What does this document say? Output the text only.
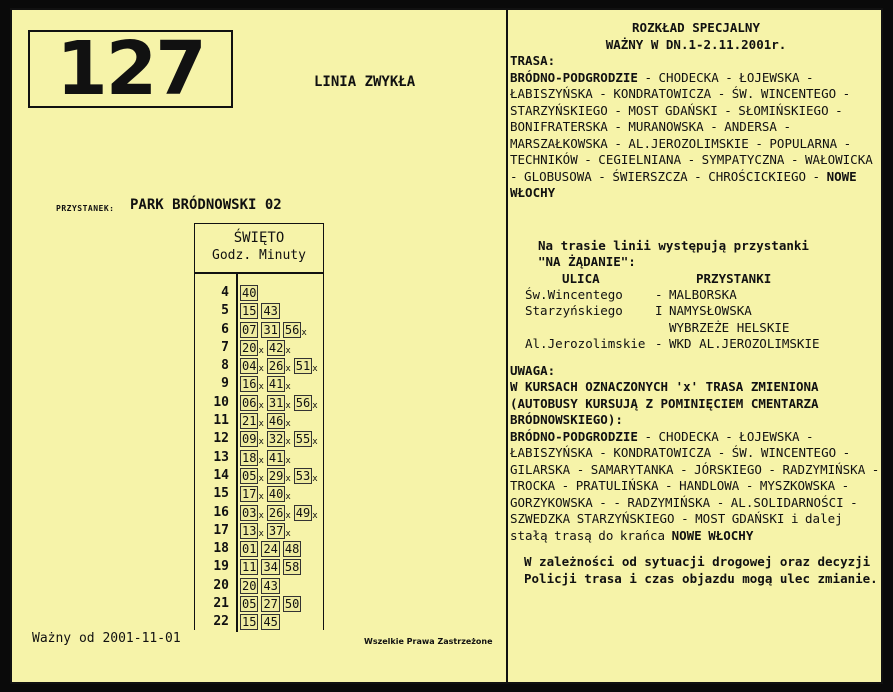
127	LINIA ZWYKŁA
PRZYSTANEK: PARK BRÓDNOWSKI 02
ŚWIĘTO
Godz. Minuty
4 40
5 15 43
6 07 31 56 x
7 20 x 42 x
8 04 x 26 x 51 x
9 16 x 41 x
10 06 x 31 x 56 x
11 21 x 46 x
12 09 x 32 x 55 x
13 18 x 41 x
14 05 x 29 x 53 x
15 17 x 40 x
16 03 x 26 x 49 x
17 13 x 37 x
18 01 24 48
19 11 34 58
20 20 43
21 05 27 50
22 15 45
Ważny od 2001-11-01	Wszelkie Prawa Zastrzeżone
ROZKŁAD SPECJALNY
WAŻNY W DN.1-2.11.2001r.
TRASA:
BRÓDNO-PODGRODZIE - CHODECKA - ŁOJEWSKA - ŁABISZYŃSKA - KONDRATOWICZA - ŚW. WINCENTEGO - STARZYŃSKIEGO - MOST GDAŃSKI - SŁOMIŃSKIEGO - BONIFRATERSKA - MURANOWSKA - ANDERSA - MARSZAŁKOWSKA - AL.JEROZOLIMSKIE - POPULARNA - TECHNIKÓW - CEGIELNIANA - SYMPATYCZNA - WAŁOWICKA - GLOBUSOWA - ŚWIERSZCZA - CHROŚCICKIEGO - NOWE WŁOCHY
Na trasie linii występują przystanki
"NA ŻĄDANIE":
ULICA	PRZYSTANKI
Św.Wincentego	- MALBORSKA
Starzyńskiego	I NAMYSŁOWSKA
WYBRZEŻE HELSKIE
Al.Jerozolimskie - WKD AL.JEROZOLIMSKIE
UWAGA:
W KURSACH OZNACZONYCH 'x' TRASA ZMIENIONA (AUTOBUSY KURSUJĄ Z POMINIĘCIEM CMENTARZA BRÓDNOWSKIEGO):
BRÓDNO-PODGRODZIE - CHODECKA - ŁOJEWSKA - ŁABISZYŃSKA - KONDRATOWICZA - ŚW. WINCENTEGO - GILARSKA - SAMARYTANKA - JÓRSKIEGO - RADZYMIŃSKA - TROCKA - PRATULIŃSKA - HANDLOWA - MYSZKOWSKA - GORZYKOWSKA - - RADZYMIŃSKA - AL.SOLIDARNOŚCI - SZWEDZKA STARZYŃSKIEGO - MOST GDAŃSKI i dalej stałą trasą do krańca NOWE WŁOCHY
W zależności od sytuacji drogowej oraz decyzji Policji trasa i czas objazdu mogą ulec zmianie.
